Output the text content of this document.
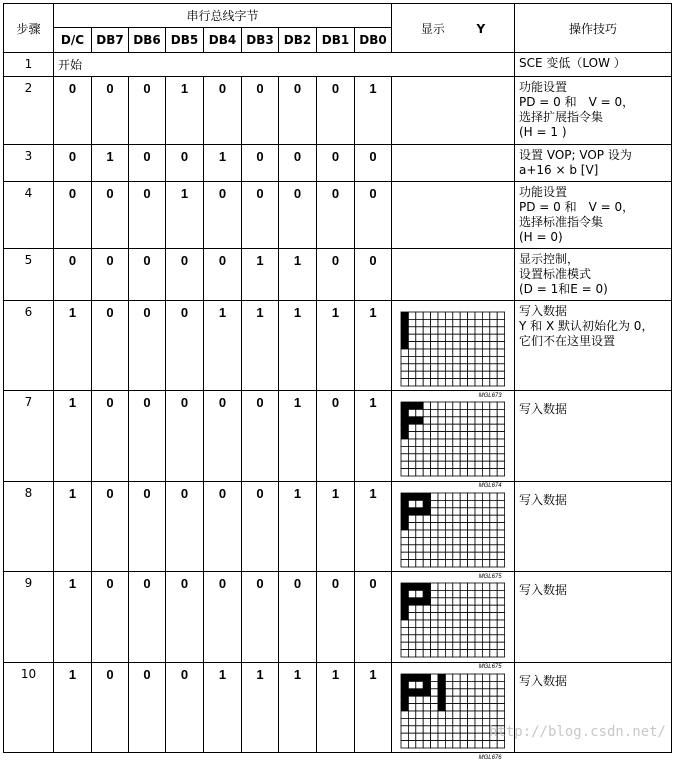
步骤	串行总线字节									显示 Y	操作技巧
	D/C	DB7	DB6	DB5	DB4	DB3	DB2	DB1	DB0		
1	开始										SCE 变低（LOW ）

2	0	0	0	1	0	0	0	0	1		功能设置
PD = 0 和　V = 0，
选择扩展指令集
(H = 1 )

3	0	1	0	0	1	0	0	0	0		设置 VOP; VOP 设为
a+16 × b [V]

4	0	0	0	1	0	0	0	0	0		功能设置
PD = 0 和　V = 0，
选择标准指令集
(H = 0)

5	0	0	0	0	0	1	1	0	0		显示控制，
设置标准模式
(D = 1和E = 0)

6	1	0	0	0	1	1	1	1	1	MGL673	写入数据
Y 和 X 默认初始化为 0，
它们不在这里设置

7	1	0	0	0	0	0	1	0	1	MGL674	写入数据

8	1	0	0	0	0	0	1	1	1	MGL675	写入数据

9	1	0	0	0	0	0	0	0	0	MGL675	写入数据

10	1	0	0	0	1	1	1	1	1	MGL676	写入数据
http://blog.csdn.net/
